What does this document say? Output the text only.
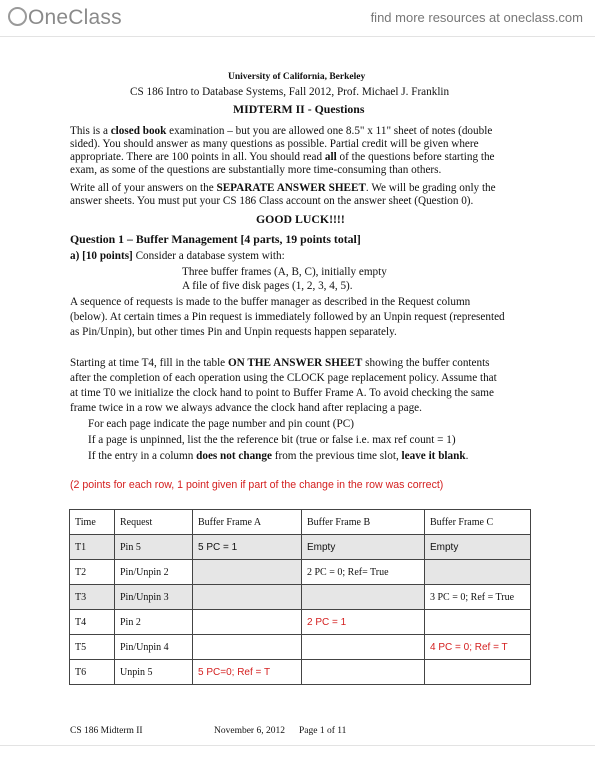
OneClass	find more resources at oneclass.com
University of California, Berkeley
CS 186 Intro to Database Systems, Fall 2012, Prof. Michael J. Franklin
MIDTERM II - Questions
This is a closed book examination – but you are allowed one 8.5" x 11" sheet of notes (double
sided). You should answer as many questions as possible. Partial credit will be given where
appropriate. There are 100 points in all. You should read all of the questions before starting the
exam, as some of the questions are substantially more time-consuming than others.
Write all of your answers on the SEPARATE ANSWER SHEET. We will be grading only the
answer sheets. You must put your CS 186 Class account on the answer sheet (Question 0).
GOOD LUCK!!!!
Question 1 – Buffer Management [4 parts, 19 points total]
a) [10 points] Consider a database system with:
Three buffer frames (A, B, C), initially empty
A file of five disk pages (1, 2, 3, 4, 5).
A sequence of requests is made to the buffer manager as described in the Request column
(below). At certain times a Pin request is immediately followed by an Unpin request (represented
as Pin/Unpin), but other times Pin and Unpin requests happen separately.
Starting at time T4, fill in the table ON THE ANSWER SHEET showing the buffer contents
after the completion of each operation using the CLOCK page replacement policy. Assume that
at time T0 we initialize the clock hand to point to Buffer Frame A. To avoid checking the same
frame twice in a row we always advance the clock hand after replacing a page.
For each page indicate the page number and pin count (PC)
If a page is unpinned, list the the reference bit (true or false i.e. max ref count = 1)
If the entry in a column does not change from the previous time slot, leave it blank.
(2 points for each row, 1 point given if part of the change in the row was correct)
Time	Request	Buffer Frame A	Buffer Frame B	Buffer Frame C
T1	Pin 5	5 PC = 1	Empty	Empty
T2	Pin/Unpin 2		2 PC = 0; Ref= True	
T3	Pin/Unpin 3			3 PC = 0; Ref = True
T4	Pin 2		2 PC = 1	
T5	Pin/Unpin 4			4 PC = 0; Ref = T
T6	Unpin 5	5 PC=0; Ref = T		
CS 186 Midterm II	November 6, 2012 Page 1 of 11
